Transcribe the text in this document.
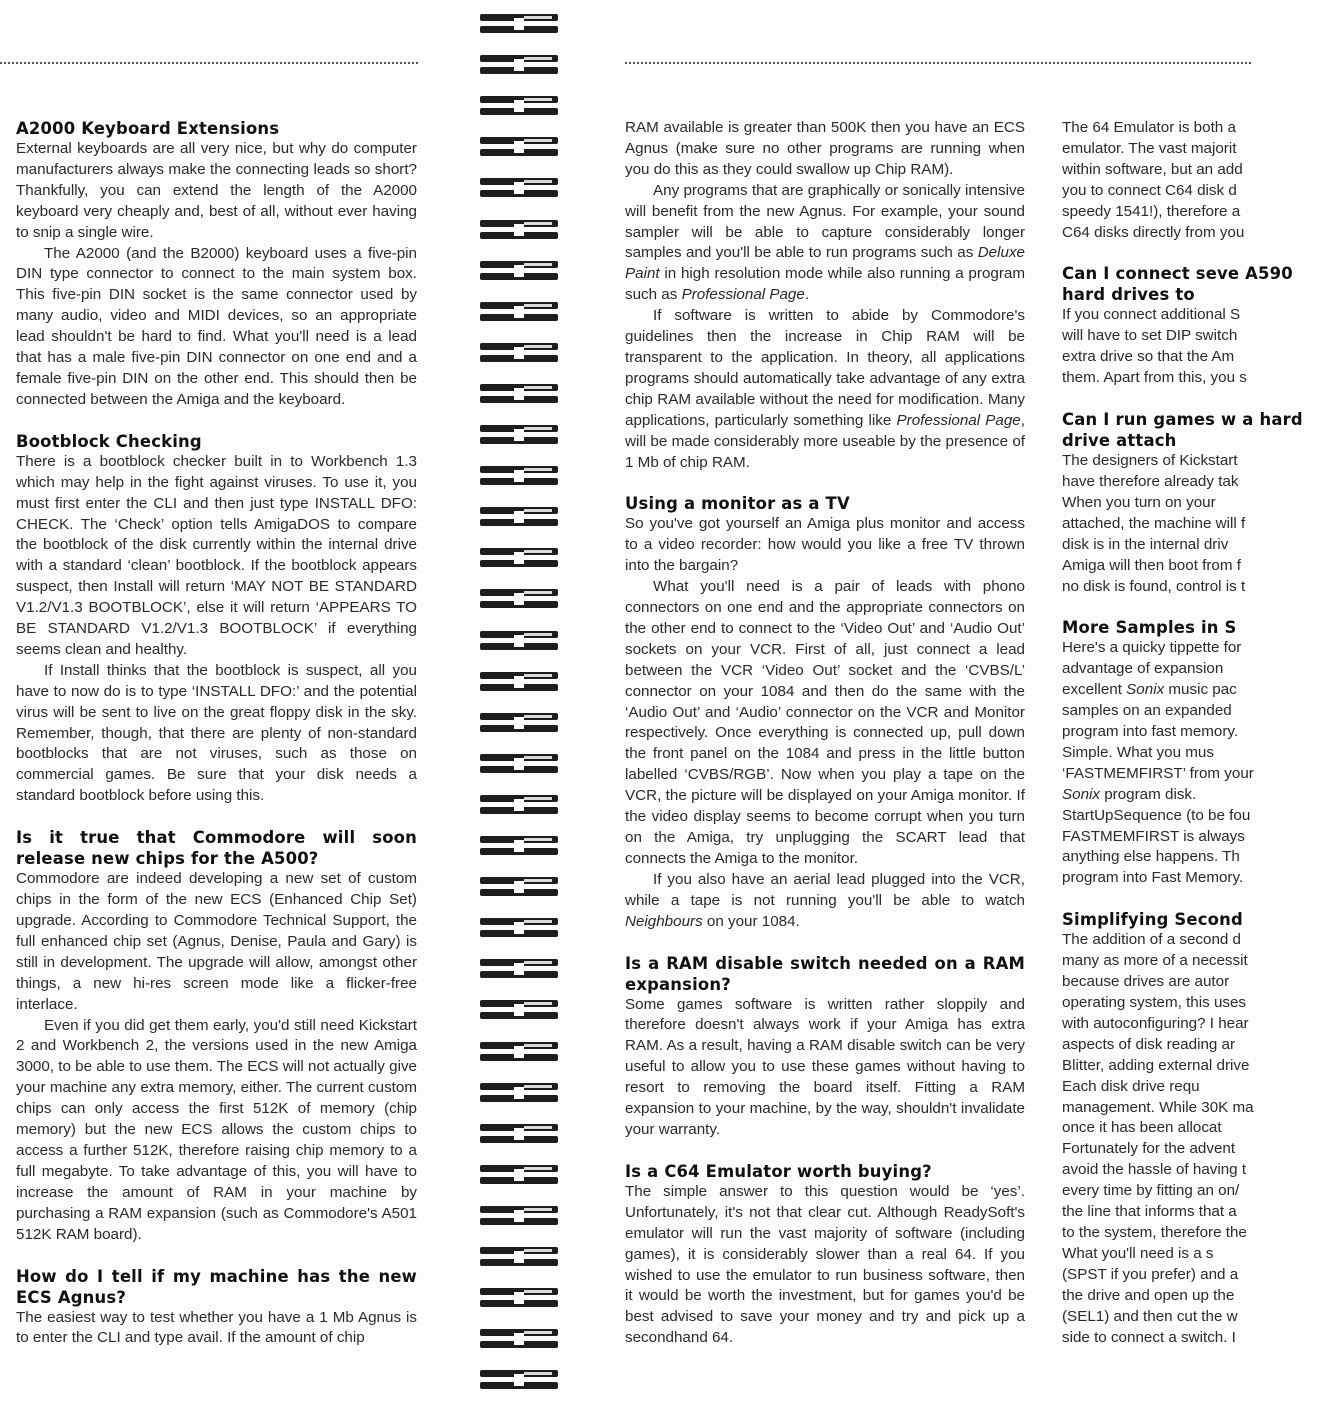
A2000 Keyboard Extensions

External keyboards are all very nice, but why do computer manufacturers always make the connecting leads so short? Thankfully, you can extend the length of the A2000 keyboard very cheaply and, best of all, without ever having to snip a single wire.

The A2000 (and the B2000) keyboard uses a five-pin DIN type connector to connect to the main system box. This five-pin DIN socket is the same connector used by many audio, video and MIDI devices, so an appropriate lead shouldn't be hard to find. What you'll need is a lead that has a male five-pin DIN connector on one end and a female five-pin DIN on the other end. This should then be connected between the Amiga and the keyboard.

Bootblock Checking

There is a bootblock checker built in to Workbench 1.3 which may help in the fight against viruses. To use it, you must first enter the CLI and then just type INSTALL DFO: CHECK. The ‘Check’ option tells AmigaDOS to compare the bootblock of the disk currently within the internal drive with a standard ‘clean’ bootblock. If the bootblock appears suspect, then Install will return ‘MAY NOT BE STANDARD V1.2/V1.3 BOOTBLOCK’, else it will return ‘APPEARS TO BE STANDARD V1.2/V1.3 BOOTBLOCK’ if everything seems clean and healthy.

If Install thinks that the bootblock is suspect, all you have to now do is to type ‘INSTALL DFO:’ and the potential virus will be sent to live on the great floppy disk in the sky. Remember, though, that there are plenty of non-standard bootblocks that are not viruses, such as those on commercial games. Be sure that your disk needs a standard bootblock before using this.

Is it true that Commodore will soon release new chips for the A500?

Commodore are indeed developing a new set of custom chips in the form of the new ECS (Enhanced Chip Set) upgrade. According to Commodore Technical Support, the full enhanced chip set (Agnus, Denise, Paula and Gary) is still in development. The upgrade will allow, amongst other things, a new hi-res screen mode like a flicker-free interlace.

Even if you did get them early, you'd still need Kickstart 2 and Workbench 2, the versions used in the new Amiga 3000, to be able to use them. The ECS will not actually give your machine any extra memory, either. The current custom chips can only access the first 512K of memory (chip memory) but the new ECS allows the custom chips to access a further 512K, therefore raising chip memory to a full megabyte. To take advantage of this, you will have to increase the amount of RAM in your machine by purchasing a RAM expansion (such as Commodore's A501 512K RAM board).

How do I tell if my machine has the new ECS Agnus?

The easiest way to test whether you have a 1 Mb Agnus is to enter the CLI and type avail. If the amount of chip

RAM available is greater than 500K then you have an ECS Agnus (make sure no other programs are running when you do this as they could swallow up Chip RAM).

Any programs that are graphically or sonically intensive will benefit from the new Agnus. For example, your sound sampler will be able to capture considerably longer samples and you'll be able to run programs such as Deluxe Paint in high resolution mode while also running a program such as Professional Page.

If software is written to abide by Commodore's guidelines then the increase in Chip RAM will be transparent to the application. In theory, all applications programs should automatically take advantage of any extra chip RAM available without the need for modification. Many applications, particularly something like Professional Page, will be made considerably more useable by the presence of 1 Mb of chip RAM.

Using a monitor as a TV

So you've got yourself an Amiga plus monitor and access to a video recorder: how would you like a free TV thrown into the bargain?

What you'll need is a pair of leads with phono connectors on one end and the appropriate connectors on the other end to connect to the ‘Video Out’ and ‘Audio Out’ sockets on your VCR. First of all, just connect a lead between the VCR ‘Video Out’ socket and the ‘CVBS/L’ connector on your 1084 and then do the same with the ‘Audio Out’ and ‘Audio’ connector on the VCR and Monitor respectively. Once everything is connected up, pull down the front panel on the 1084 and press in the little button labelled ‘CVBS/RGB’. Now when you play a tape on the VCR, the picture will be displayed on your Amiga monitor. If the video display seems to become corrupt when you turn on the Amiga, try unplugging the SCART lead that connects the Amiga to the monitor.

If you also have an aerial lead plugged into the VCR, while a tape is not running you'll be able to watch Neighbours on your 1084.

Is a RAM disable switch needed on a RAM expansion?

Some games software is written rather sloppily and therefore doesn't always work if your Amiga has extra RAM. As a result, having a RAM disable switch can be very useful to allow you to use these games without having to resort to removing the board itself. Fitting a RAM expansion to your machine, by the way, shouldn't invalidate your warranty.

Is a C64 Emulator worth buying?

The simple answer to this question would be ‘yes’. Unfortunately, it's not that clear cut. Although ReadySoft's emulator will run the vast majority of software (including games), it is considerably slower than a real 64. If you wished to use the emulator to run business software, then it would be worth the investment, but for games you'd be best advised to save your money and try and pick up a secondhand 64.

The 64 Emulator is both a

emulator. The vast majorit

within software, but an add

you to connect C64 disk d

speedy 1541!), therefore a

C64 disks directly from you

Can I connect seve A590 hard drives to

If you connect additional S

will have to set DIP switch

extra drive so that the Am

them. Apart from this, you s

Can I run games w a hard drive attach

The designers of Kickstart

have therefore already tak

When you turn on your

attached, the machine will f

disk is in the internal driv

Amiga will then boot from f

no disk is found, control is t

More Samples in S

Here's a quicky tippette for

advantage of expansion

excellent Sonix music pac

samples on an expanded

program into fast memory.

Simple. What you mus

‘FASTMEMFIRST’ from your

Sonix program disk.

StartUpSequence (to be fou

FASTMEMFIRST is always

anything else happens. Th

program into Fast Memory.

Simplifying Second

The addition of a second d

many as more of a necessit

because drives are autor

operating system, this uses

with autoconfiguring? I hear

aspects of disk reading ar

Blitter, adding external drive

Each disk drive requ

management. While 30K ma

once it has been allocat

Fortunately for the advent

avoid the hassle of having t

every time by fitting an on/

the line that informs that a

to the system, therefore the

What you'll need is a s

(SPST if you prefer) and a

the drive and open up the

(SEL1) and then cut the w

side to connect a switch. I
